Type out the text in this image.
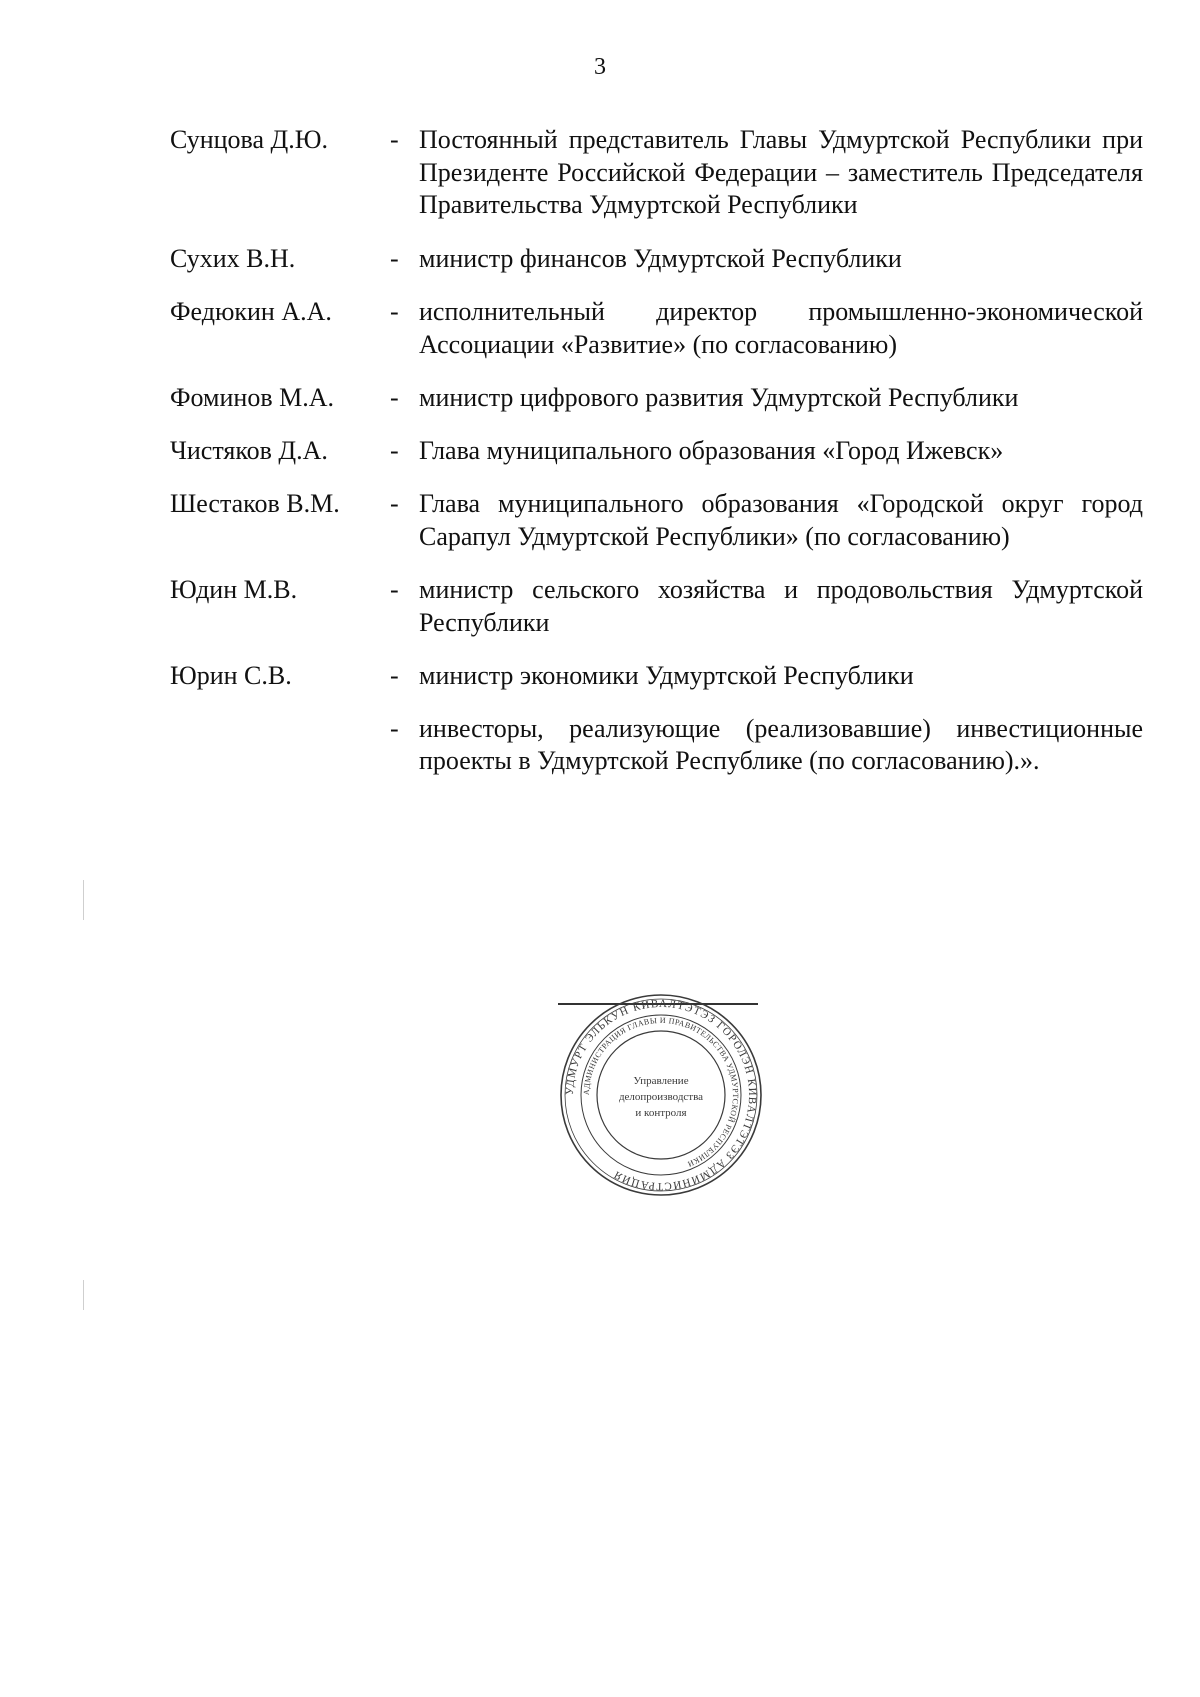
3
Сунцова Д.Ю. - Постоянный представитель Главы Удмуртской Республики при Президенте Российской Федерации – заместитель Председателя Правительства Удмуртской Республики
Сухих В.Н.	- министр финансов Удмуртской Республики
Федюкин А.А. - исполнительный директор промышленно-экономической Ассоциации «Развитие» (по согласованию)
Фоминов М.А. - министр цифрового развития Удмуртской Республики
Чистяков Д.А. - Глава муниципального образования «Город Ижевск»
Шестаков В.М. - Глава муниципального образования «Городской округ город Сарапул Удмуртской Республики» (по согласованию)
Юдин М.В.	- министр сельского хозяйства и продовольствия Удмуртской Республики
Юрин С.В.	- министр экономики Удмуртской Республики
- инвесторы, реализующие (реализовавшие) инвестиционные проекты в Удмуртской Республике (по согласованию).».
УДМУРТ ЭЛЬКУН КИВАЛТЭТЭЗ ГОРОЛЭН КИВАЛТЭТЭЗ АДМИНИСТРАЦИЯ
АДМИНИСТРАЦИЯ ГЛАВЫ И ПРАВИТЕЛЬСТВА УДМУРТСКОЙ РЕСПУБЛИКИ
Управление
делопроизводства
и контроля
